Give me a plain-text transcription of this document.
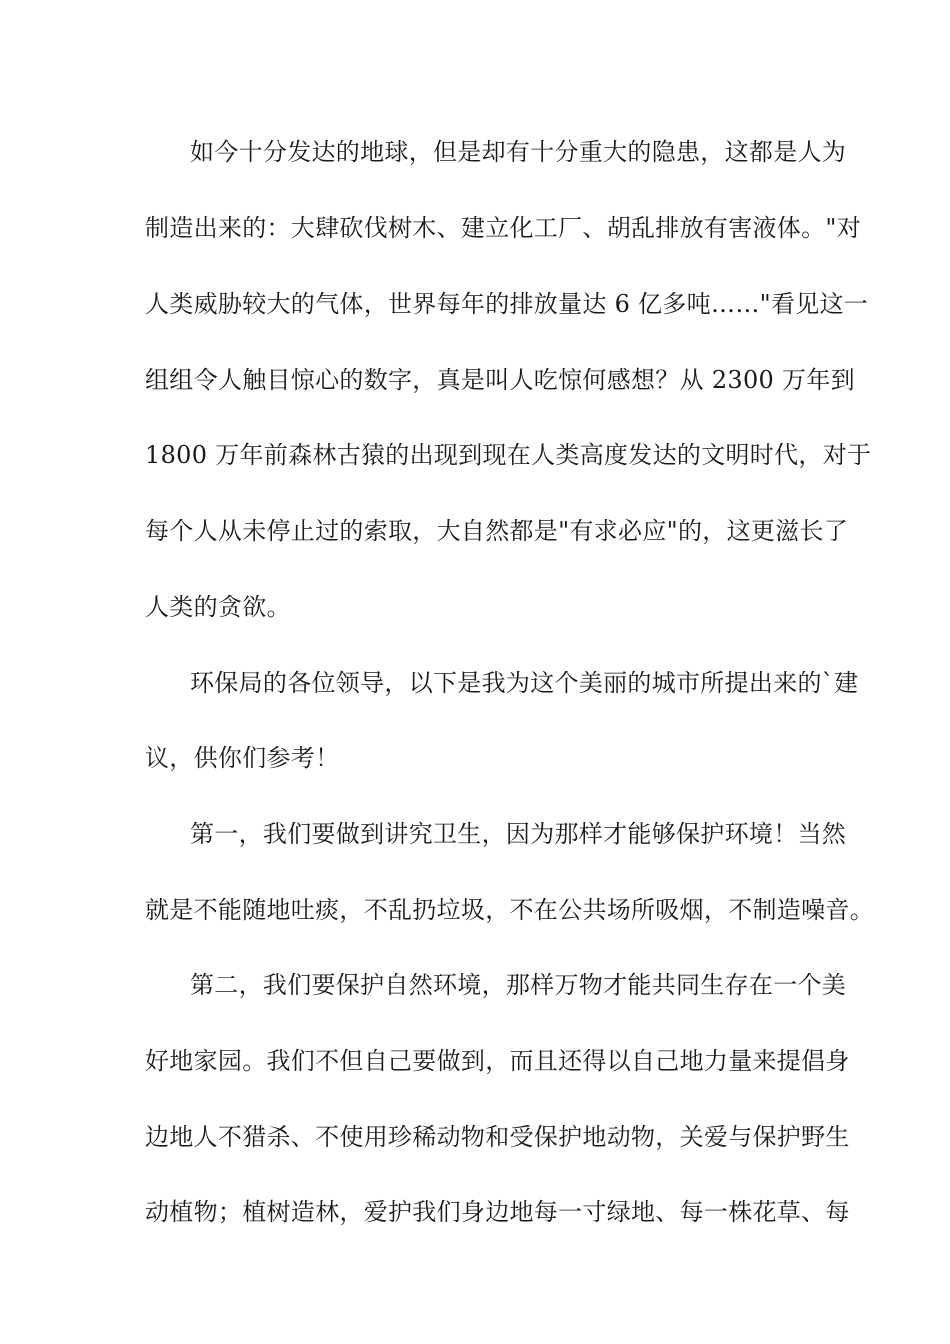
如今十分发达的地球，但是却有十分重大的隐患，这都是人为
制造出来的：大肆砍伐树木、建立化工厂、胡乱排放有害液体。"对
人类威胁较大的气体，世界每年的排放量达 6 亿多吨……"看见这一
组组令人触目惊心的数字，真是叫人吃惊何感想？从 2300 万年到
1800 万年前森林古猿的出现到现在人类高度发达的文明时代，对于
每个人从未停止过的索取，大自然都是"有求必应"的，这更滋长了
人类的贪欲。
环保局的各位领导，以下是我为这个美丽的城市所提出来的`建
议，供你们参考！
第一，我们要做到讲究卫生，因为那样才能够保护环境！当然
就是不能随地吐痰，不乱扔垃圾，不在公共场所吸烟，不制造噪音。
第二，我们要保护自然环境，那样万物才能共同生存在一个美
好地家园。我们不但自己要做到，而且还得以自己地力量来提倡身
边地人不猎杀、不使用珍稀动物和受保护地动物，关爱与保护野生
动植物；植树造林，爱护我们身边地每一寸绿地、每一株花草、每
